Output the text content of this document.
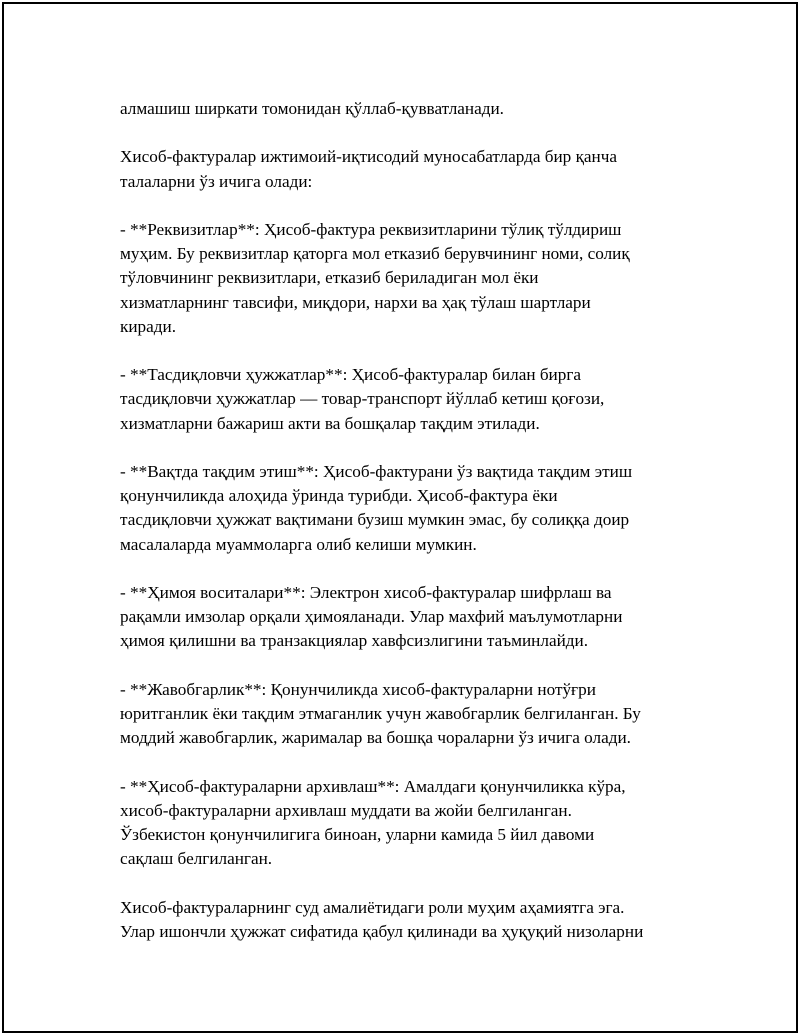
алмашиш ширкати томонидан қўллаб-қувватланади.

Хисоб-фактуралар ижтимоий-иқтисодий муносабатларда бир қанча
талаларни ўз ичига олади:

- **Реквизитлар**: Ҳисоб-фактура реквизитларини тўлиқ тўлдириш
муҳим. Бу реквизитлар қаторга мол етказиб берувчининг номи, солиқ
тўловчининг реквизитлари, етказиб бериладиган мол ёки
хизматларнинг тавсифи, миқдори, нархи ва ҳақ тўлаш шартлари
киради.

- **Тасдиқловчи ҳужжатлар**: Ҳисоб-фактуралар билан бирга
тасдиқловчи ҳужжатлар — товар-транспорт йўллаб кетиш қоғози,
хизматларни бажариш акти ва бошқалар тақдим этилади.

- **Вақтда тақдим этиш**: Ҳисоб-фактурани ўз вақтида тақдим этиш
қонунчиликда алоҳида ўринда турибди. Ҳисоб-фактура ёки
тасдиқловчи ҳужжат вақтимани бузиш мумкин эмас, бу солиққа доир
масалаларда муаммоларга олиб келиши мумкин.

- **Ҳимоя воситалари**: Электрон хисоб-фактуралар шифрлаш ва
рақамли имзолар орқали ҳимояланади. Улар махфий маълумотларни
ҳимоя қилишни ва транзакциялар хавфсизлигини таъминлайди.

- **Жавобгарлик**: Қонунчиликда хисоб-фактураларни нотўғри
юритганлик ёки тақдим этмаганлик учун жавобгарлик белгиланган. Бу
моддий жавобгарлик, жарималар ва бошқа чораларни ўз ичига олади.

- **Ҳисоб-фактураларни архивлаш**: Амалдаги қонунчиликка кўра,
хисоб-фактураларни архивлаш муддати ва жойи белгиланган.
Ўзбекистон қонунчилигига биноан, уларни камида 5 йил давоми
сақлаш белгиланган.

Хисоб-фактураларнинг суд амалиётидаги роли муҳим аҳамиятга эга.
Улар ишончли ҳужжат сифатида қабул қилинади ва ҳуқуқий низоларни
